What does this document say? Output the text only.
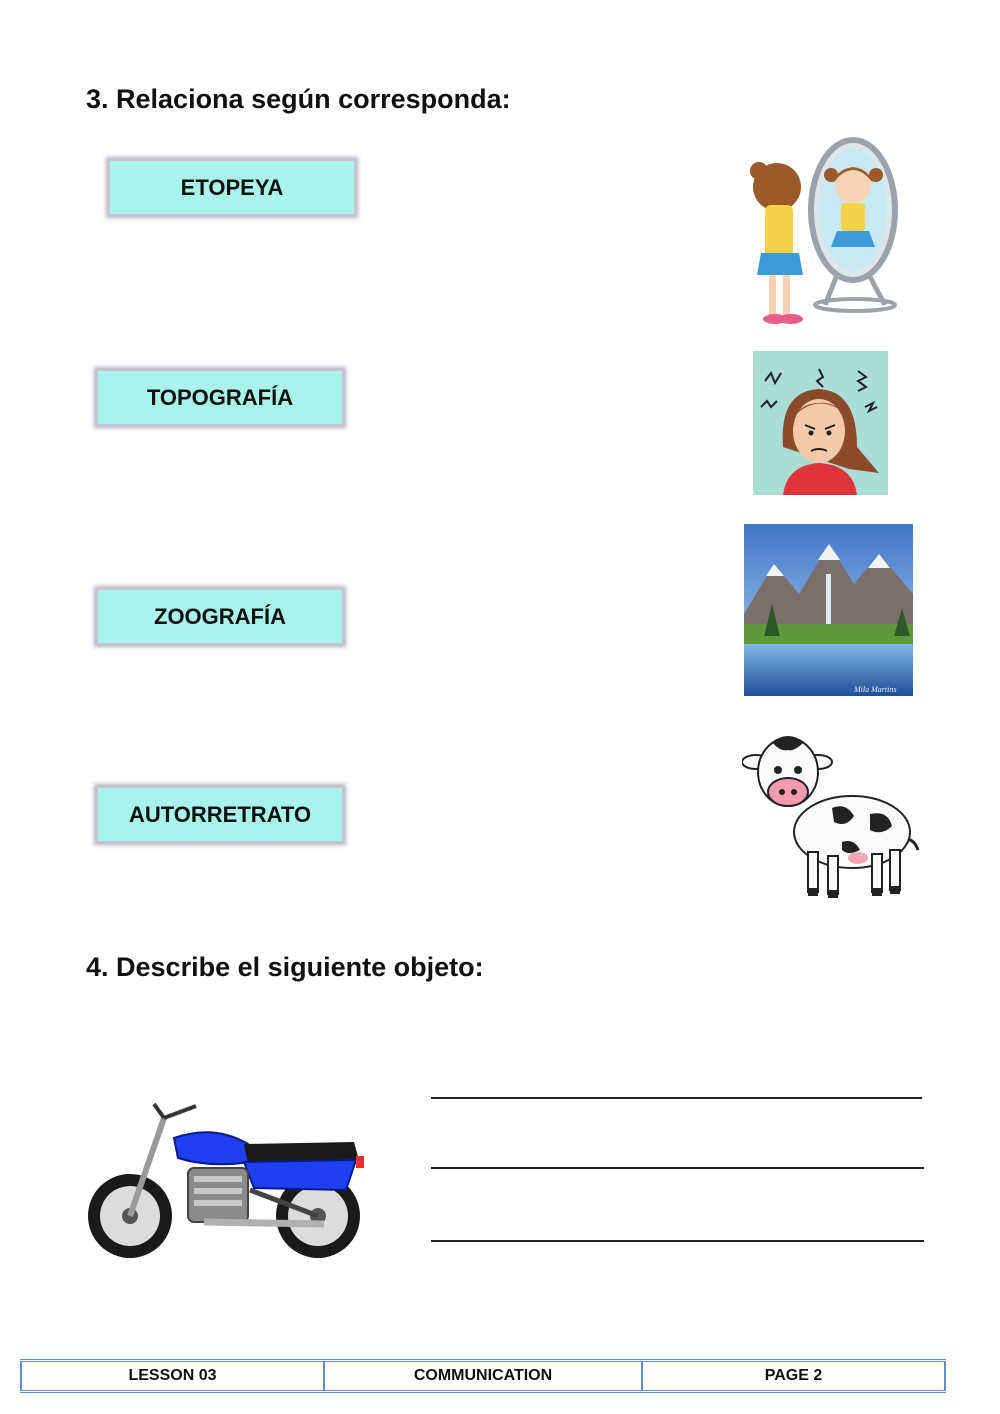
3. Relaciona según corresponda:
ETOPEYA
TOPOGRAFÍA
ZOOGRAFÍA
AUTORRETRATO
Mila Martins
4. Describe el siguiente objeto:
LESSON 03	COMMUNICATION	PAGE 2
